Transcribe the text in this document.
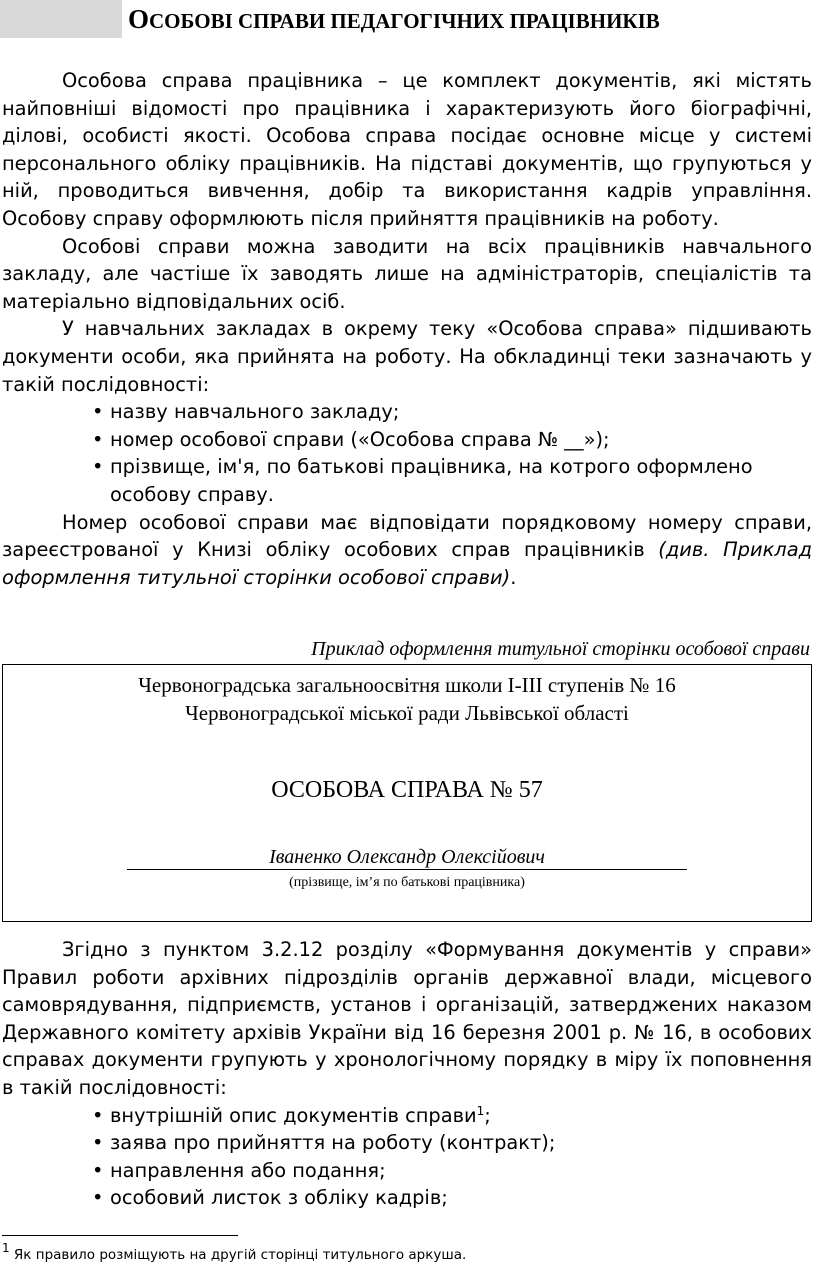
ОСОБОВІ СПРАВИ ПЕДАГОГІЧНИХ ПРАЦІВНИКІВ

Особова справа працівника – це комплект документів, які містять найповніші відомості про працівника і характеризують його біографічні, ділові, особисті якості. Особова справа посідає основне місце у системі персонального обліку працівників. На підставі документів, що групуються у ній, проводиться вивчення, добір та використання кадрів управління. Особову справу оформлюють після прийняття працівників на роботу.

Особові справи можна заводити на всіх працівників навчального закладу, але частіше їх заводять лише на адміністраторів, спеціалістів та матеріально відповідальних осіб.

У навчальних закладах в окрему теку «Особова справа» підшивають документи особи, яка прийнята на роботу. На обкладинці теки зазначають у такій послідовності:

• назву навчального закладу;
• номер особової справи («Особова справа № __»);
• прізвище, ім'я, по батькові працівника, на котрого оформлено особову справу.

Номер особової справи має відповідати порядковому номеру справи, зареєстрованої у Книзі обліку особових справ працівників (див. Приклад оформлення титульної сторінки особової справи).

Приклад оформлення титульної сторінки особової справи
Червоноградська загальноосвітня школи І-ІІІ ступенів № 16
Червоноградської міської ради Львівської області
ОСОБОВА СПРАВА № 57
Іваненко Олександр Олексійович
(прізвище, ім’я по батькові працівника)

Згідно з пунктом 3.2.12 розділу «Формування документів у справи» Правил роботи архівних підрозділів органів державної влади, місцевого самоврядування, підприємств, установ і організацій, затверджених наказом Державного комітету архівів України від 16 березня 2001 р. № 16, в особових справах документи групують у хронологічному порядку в міру їх поповнення в такій послідовності:

• внутрішній опис документів справи$^1$;
• заява про прийняття на роботу (контракт);
• направлення або подання;
• особовий листок з обліку кадрів;
$^1$ Як правило розміщують на другій сторінці титульного аркуша.
